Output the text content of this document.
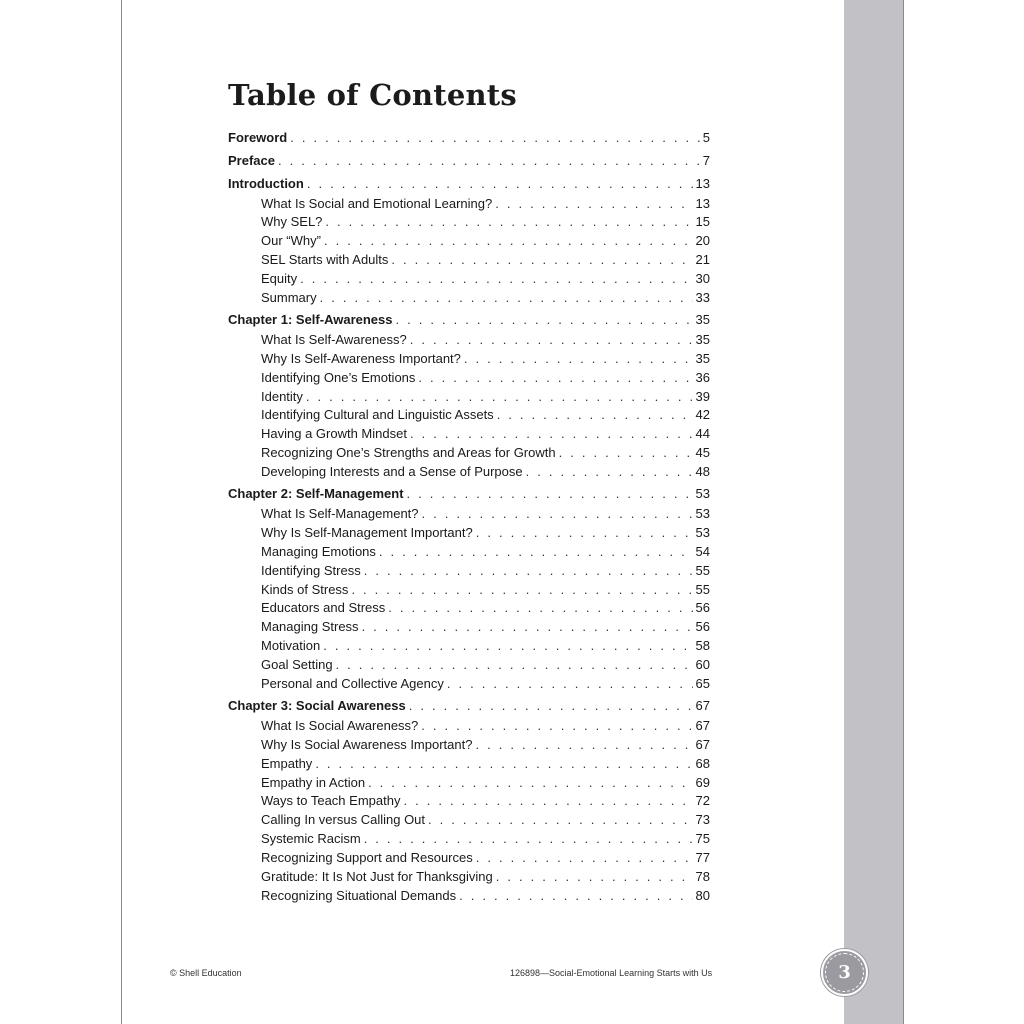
Table of Contents
Foreword . . .	5
Preface . . .	7
Introduction . . .	13
What Is Social and Emotional Learning? . . .	13
Why SEL? . . .	15
Our “Why” . . .	20
SEL Starts with Adults . . .	21
Equity . . .	30
Summary . . .	33
Chapter 1: Self-Awareness . . .	35
What Is Self-Awareness? . . .	35
Why Is Self-Awareness Important? . . .	35
Identifying One’s Emotions . . .	36
Identity . . .	39
Identifying Cultural and Linguistic Assets . . .	42
Having a Growth Mindset . . .	44
Recognizing One’s Strengths and Areas for Growth . . .	45
Developing Interests and a Sense of Purpose . . .	48
Chapter 2: Self-Management . . .	53
What Is Self-Management? . . .	53
Why Is Self-Management Important? . . .	53
Managing Emotions . . .	54
Identifying Stress . . .	55
Kinds of Stress . . .	55
Educators and Stress . . .	56
Managing Stress . . .	56
Motivation . . .	58
Goal Setting . . .	60
Personal and Collective Agency . . .	65
Chapter 3: Social Awareness . . .	67
What Is Social Awareness? . . .	67
Why Is Social Awareness Important? . . .	67
Empathy . . .	68
Empathy in Action . . .	69
Ways to Teach Empathy . . .	72
Calling In versus Calling Out . . .	73
Systemic Racism . . .	75
Recognizing Support and Resources . . .	77
Gratitude: It Is Not Just for Thanksgiving . . .	78
Recognizing Situational Demands . . .	80
© Shell Education	126898—Social-Emotional Learning Starts with Us	3
